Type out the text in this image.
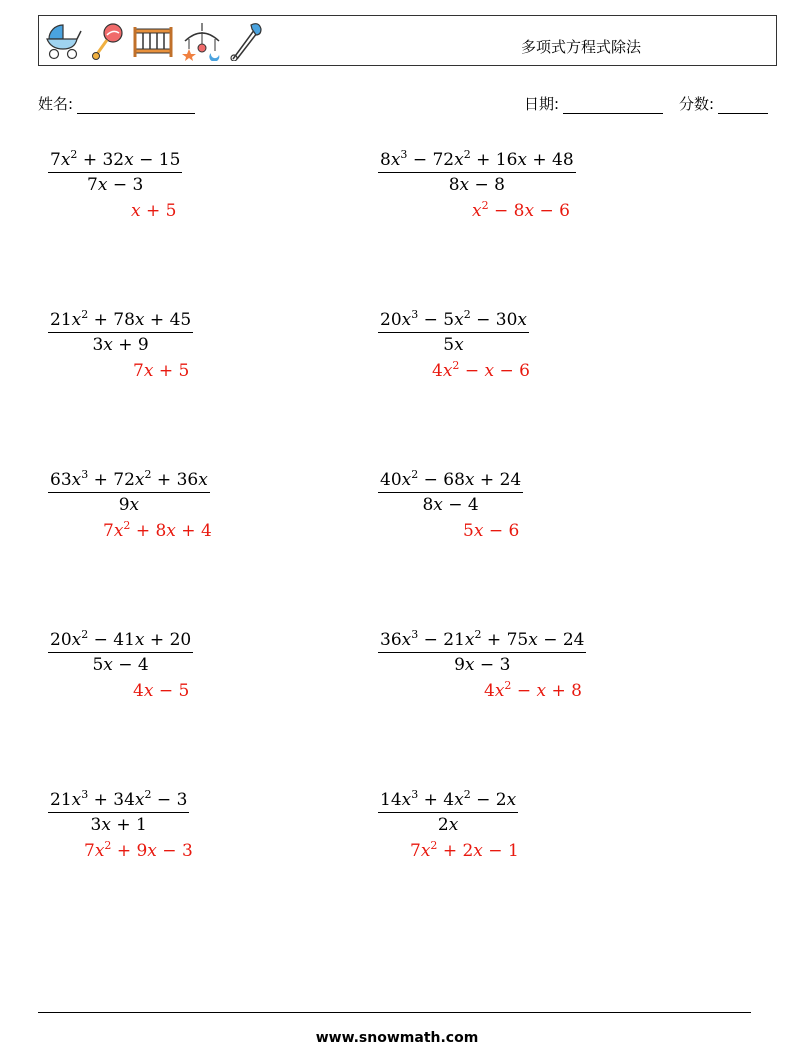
多项式方程式除法
姓名:	日期:	分数:
$\frac{7x^2 + 32x - 15}{7x - 3}$
x + 5
$\frac{8x^3 - 72x^2 + 16x + 48}{8x - 8}$
$x^2 - 8x - 6$
$\frac{21x^2 + 78x + 45}{3x + 9}$
7x + 5
$\frac{20x^3 - 5x^2 - 30x}{5x}$
$4x^2 - x - 6$
$\frac{63x^3 + 72x^2 + 36x}{9x}$
$7x^2 + 8x + 4$
$\frac{40x^2 - 68x + 24}{8x - 4}$
5x − 6
$\frac{20x^2 - 41x + 20}{5x - 4}$
4x − 5
$\frac{36x^3 - 21x^2 + 75x - 24}{9x - 3}$
$4x^2 - x + 8$
$\frac{21x^3 + 34x^2 - 3}{3x + 1}$
$7x^2 + 9x - 3$
$\frac{14x^3 + 4x^2 - 2x}{2x}$
$7x^2 + 2x - 1$
www.snowmath.com
